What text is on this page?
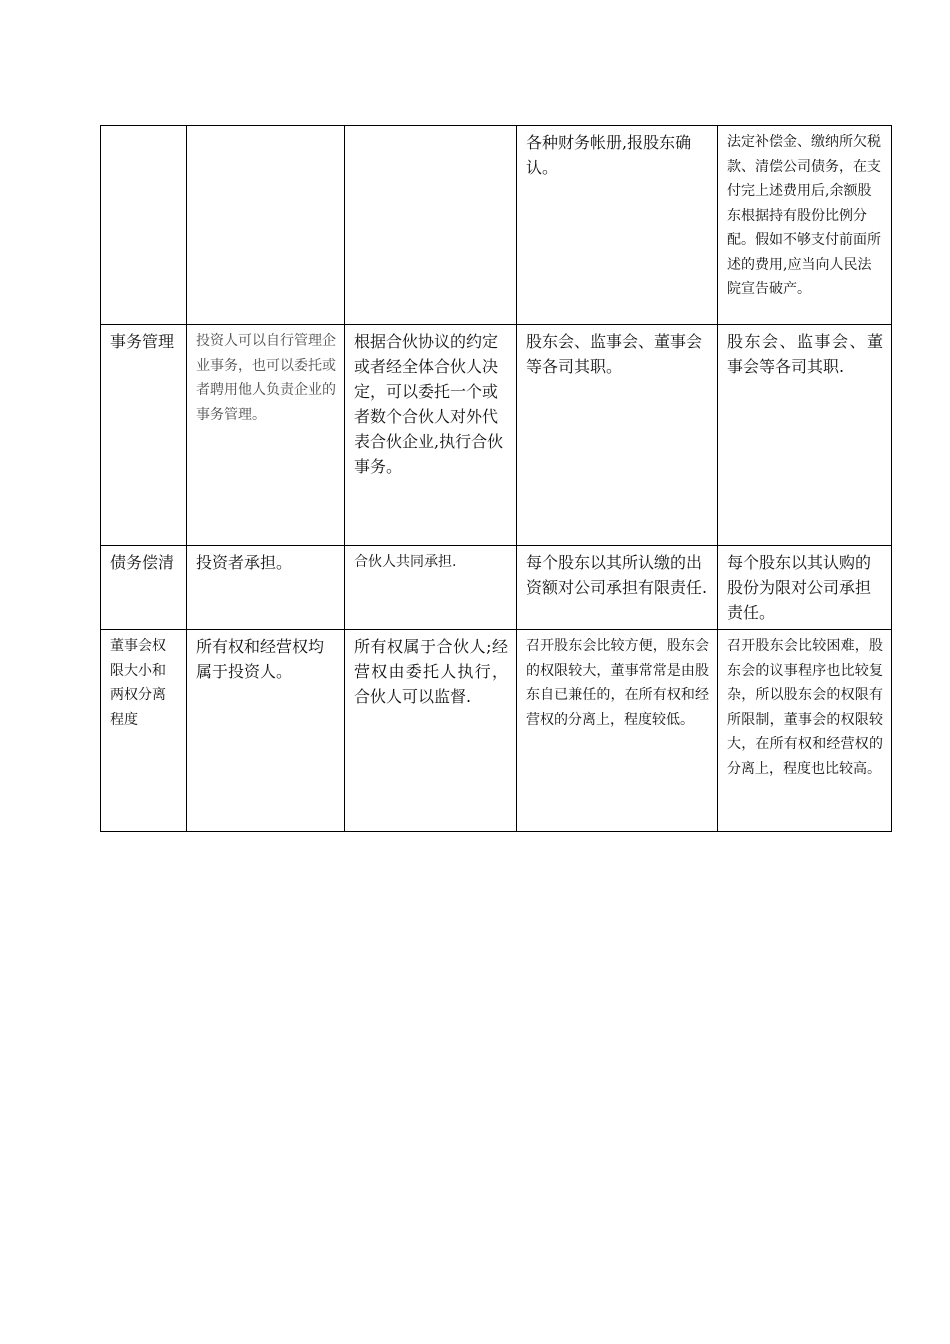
			各种财务帐册,报股东确认。	法定补偿金、缴纳所欠税款、清偿公司债务，在支付完上述费用后,余额股东根据持有股份比例分配。假如不够支付前面所述的费用,应当向人民法院宣告破产。
事务管理	投资人可以自行管理企业事务，也可以委托或者聘用他人负责企业的事务管理。	根据合伙协议的约定或者经全体合伙人决定，可以委托一个或者数个合伙人对外代表合伙企业,执行合伙事务。	股东会、监事会、董事会等各司其职。	股东会、监事会、董事会等各司其职.
债务偿清	投资者承担。	合伙人共同承担.	每个股东以其所认缴的出资额对公司承担有限责任.	每个股东以其认购的股份为限对公司承担责任。
董事会权限大小和两权分离程度	所有权和经营权均属于投资人。	所有权属于合伙人;经营权由委托人执行，合伙人可以监督.	召开股东会比较方便，股东会的权限较大，董事常常是由股东自已兼任的，在所有权和经营权的分离上，程度较低。	召开股东会比较困难，股东会的议事程序也比较复杂，所以股东会的权限有所限制，董事会的权限较大，在所有权和经营权的分离上，程度也比较高。
